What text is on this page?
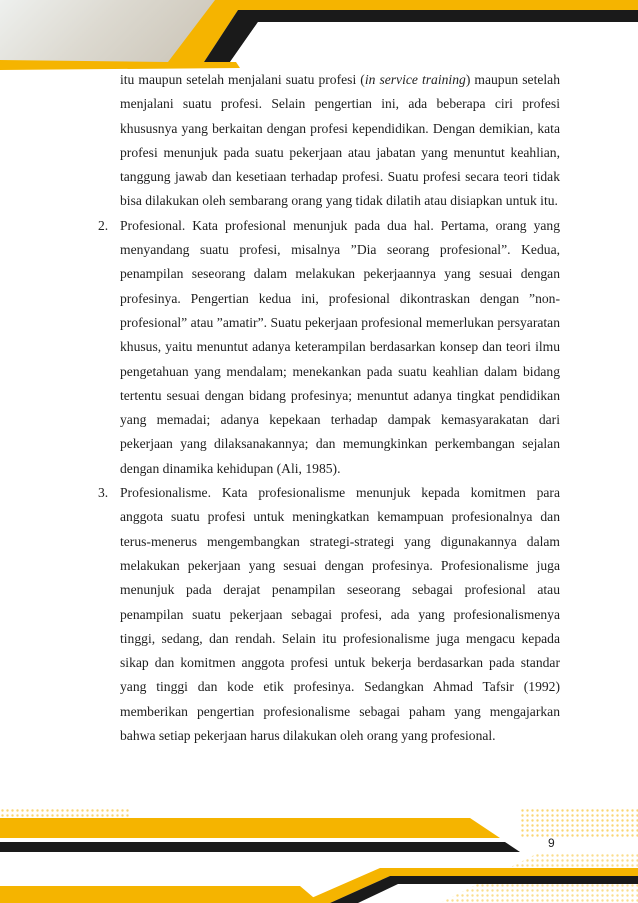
itu maupun setelah menjalani suatu profesi (in service training) maupun setelah menjalani suatu profesi. Selain pengertian ini, ada beberapa ciri profesi khususnya yang berkaitan dengan profesi kependidikan. Dengan demikian, kata profesi menunjuk pada suatu pekerjaan atau jabatan yang menuntut keahlian, tanggung jawab dan kesetiaan terhadap profesi. Suatu profesi secara teori tidak bisa dilakukan oleh sembarang orang yang tidak dilatih atau disiapkan untuk itu.

2. Profesional. Kata profesional menunjuk pada dua hal. Pertama, orang yang menyandang suatu profesi, misalnya ”Dia seorang profesional”. Kedua, penampilan seseorang dalam melakukan pekerjaannya yang sesuai dengan profesinya. Pengertian kedua ini, profesional dikontraskan dengan ”non-profesional” atau ”amatir”. Suatu pekerjaan profesional memerlukan persyaratan khusus, yaitu menuntut adanya keterampilan berdasarkan konsep dan teori ilmu pengetahuan yang mendalam; menekankan pada suatu keahlian dalam bidang tertentu sesuai dengan bidang profesinya; menuntut adanya tingkat pendidikan yang memadai; adanya kepekaan terhadap dampak kemasyarakatan dari pekerjaan yang dilaksanakannya; dan memungkinkan perkembangan sejalan dengan dinamika kehidupan (Ali, 1985).

3. Profesionalisme. Kata profesionalisme menunjuk kepada komitmen para anggota suatu profesi untuk meningkatkan kemampuan profesionalnya dan terus-menerus mengembangkan strategi-strategi yang digunakannya dalam melakukan pekerjaan yang sesuai dengan profesinya. Profesionalisme juga menunjuk pada derajat penampilan seseorang sebagai profesional atau penampilan suatu pekerjaan sebagai profesi, ada yang profesionalismenya tinggi, sedang, dan rendah. Selain itu profesionalisme juga mengacu kepada sikap dan komitmen anggota profesi untuk bekerja berdasarkan pada standar yang tinggi dan kode etik profesinya. Sedangkan Ahmad Tafsir (1992) memberikan pengertian profesionalisme sebagai paham yang mengajarkan bahwa setiap pekerjaan harus dilakukan oleh orang yang profesional.

9
